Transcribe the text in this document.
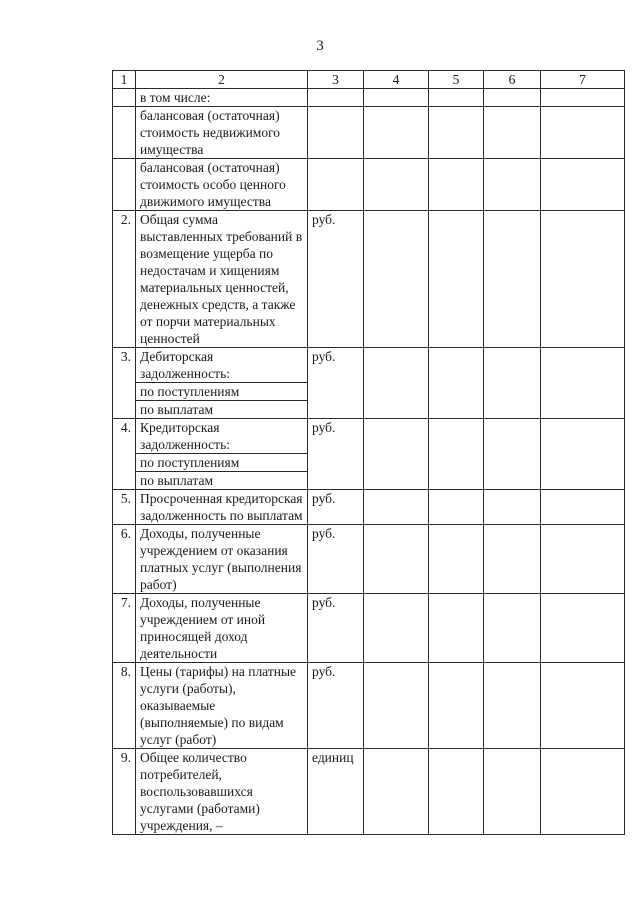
3
1	2	3	4	5	6	7
	в том числе:					
	балансовая (остаточная) стоимость недвижимого имущества					
	балансовая (остаточная) стоимость особо ценного движимого имущества					
2.	Общая сумма выставленных требований в возмещение ущерба по недостачам и хищениям материальных ценностей, денежных средств, а также от порчи материальных ценностей	руб.				
3.	Дебиторская задолженность:	руб.				
	по поступлениям					
	по выплатам					
4.	Кредиторская задолженность:	руб.				
	по поступлениям					
	по выплатам					
5.	Просроченная кредиторская задолженность по выплатам	руб.				
6.	Доходы, полученные учреждением от оказания платных услуг (выполнения работ)	руб.				
7.	Доходы, полученные учреждением от иной приносящей доход деятельности	руб.				
8.	Цены (тарифы) на платные услуги (работы), оказываемые (выполняемые) по видам услуг (работ)	руб.				
9.	Общее количество потребителей, воспользовавшихся услугами (работами) учреждения, –	единиц				
